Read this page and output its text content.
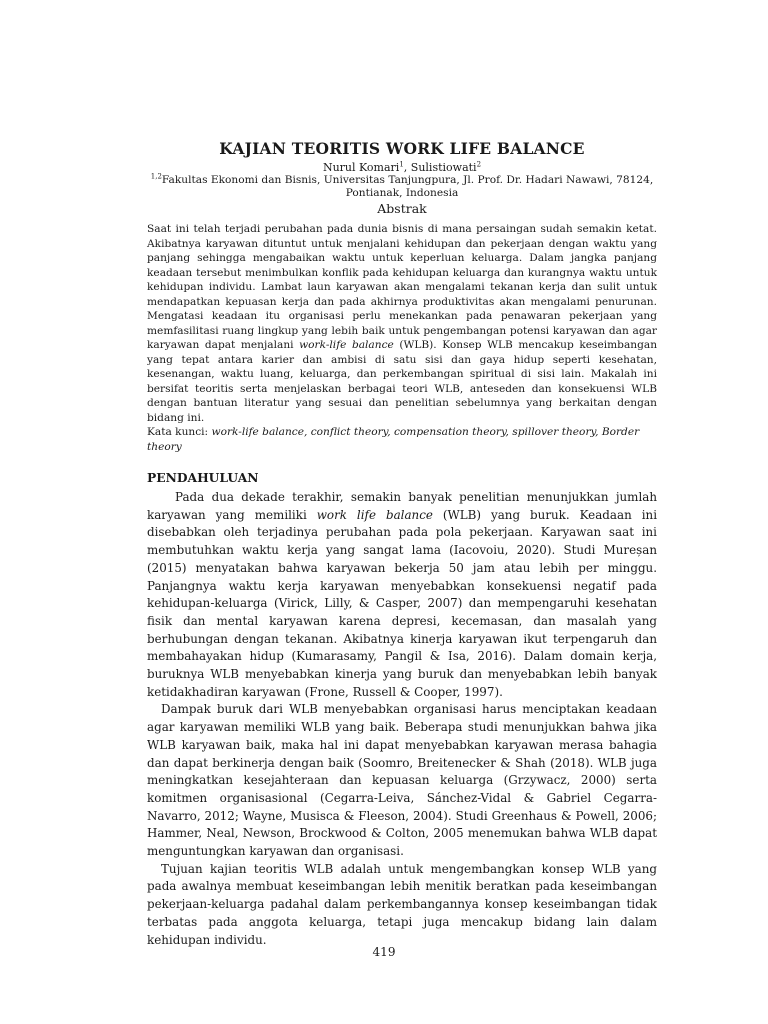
KAJIAN TEORITIS WORK LIFE BALANCE
Nurul Komari$^1$, Sulistiowati$^2$
$^{1,2}$Fakultas Ekonomi dan Bisnis, Universitas Tanjungpura, Jl. Prof. Dr. Hadari Nawawi, 78124, Pontianak, Indonesia
Abstrak
Saat ini telah terjadi perubahan pada dunia bisnis di mana persaingan sudah semakin ketat. Akibatnya karyawan dituntut untuk menjalani kehidupan dan pekerjaan dengan waktu yang panjang sehingga mengabaikan waktu untuk keperluan keluarga. Dalam jangka panjang keadaan tersebut menimbulkan konflik pada kehidupan keluarga dan kurangnya waktu untuk kehidupan individu. Lambat laun karyawan akan mengalami tekanan kerja dan sulit untuk mendapatkan kepuasan kerja dan pada akhirnya produktivitas akan mengalami penurunan. Mengatasi keadaan itu organisasi perlu menekankan pada penawaran pekerjaan yang memfasilitasi ruang lingkup yang lebih baik untuk pengembangan potensi karyawan dan agar karyawan dapat menjalani work-life balance (WLB). Konsep WLB mencakup keseimbangan yang tepat antara karier dan ambisi di satu sisi dan gaya hidup seperti kesehatan, kesenangan, waktu luang, keluarga, dan perkembangan spiritual di sisi lain. Makalah ini bersifat teoritis serta menjelaskan berbagai teori WLB, anteseden dan konsekuensi WLB dengan bantuan literatur yang sesuai dan penelitian sebelumnya yang berkaitan dengan bidang ini.
Kata kunci: work-life balance, conflict theory, compensation theory, spillover theory, Border theory
PENDAHULUAN

Pada dua dekade terakhir, semakin banyak penelitian menunjukkan jumlah karyawan yang memiliki work life balance (WLB) yang buruk. Keadaan ini disebabkan oleh terjadinya perubahan pada pola pekerjaan. Karyawan saat ini membutuhkan waktu kerja yang sangat lama (Iacovoiu, 2020). Studi Mureșan (2015) menyatakan bahwa karyawan bekerja 50 jam atau lebih per minggu. Panjangnya waktu kerja karyawan menyebabkan konsekuensi negatif pada kehidupan-keluarga (Virick, Lilly, & Casper, 2007) dan mempengaruhi kesehatan fisik dan mental karyawan karena depresi, kecemasan, dan masalah yang berhubungan dengan tekanan. Akibatnya kinerja karyawan ikut terpengaruh dan membahayakan hidup (Kumarasamy, Pangil & Isa, 2016). Dalam domain kerja, buruknya WLB menyebabkan kinerja yang buruk dan menyebabkan lebih banyak ketidakhadiran karyawan (Frone, Russell & Cooper, 1997).

Dampak buruk dari WLB menyebabkan organisasi harus menciptakan keadaan agar karyawan memiliki WLB yang baik. Beberapa studi menunjukkan bahwa jika WLB karyawan baik, maka hal ini dapat menyebabkan karyawan merasa bahagia dan dapat berkinerja dengan baik (Soomro, Breitenecker & Shah (2018). WLB juga meningkatkan kesejahteraan dan kepuasan keluarga (Grzywacz, 2000) serta komitmen organisasional (Cegarra-Leiva, Sánchez-Vidal & Gabriel Cegarra-Navarro, 2012; Wayne, Musisca & Fleeson, 2004). Studi Greenhaus & Powell, 2006; Hammer, Neal, Newson, Brockwood & Colton, 2005 menemukan bahwa WLB dapat menguntungkan karyawan dan organisasi.

Tujuan kajian teoritis WLB adalah untuk mengembangkan konsep WLB yang pada awalnya membuat keseimbangan lebih menitik beratkan pada keseimbangan pekerjaan-keluarga padahal dalam perkembangannya konsep keseimbangan tidak terbatas pada anggota keluarga, tetapi juga mencakup bidang lain dalam kehidupan individu.

419
